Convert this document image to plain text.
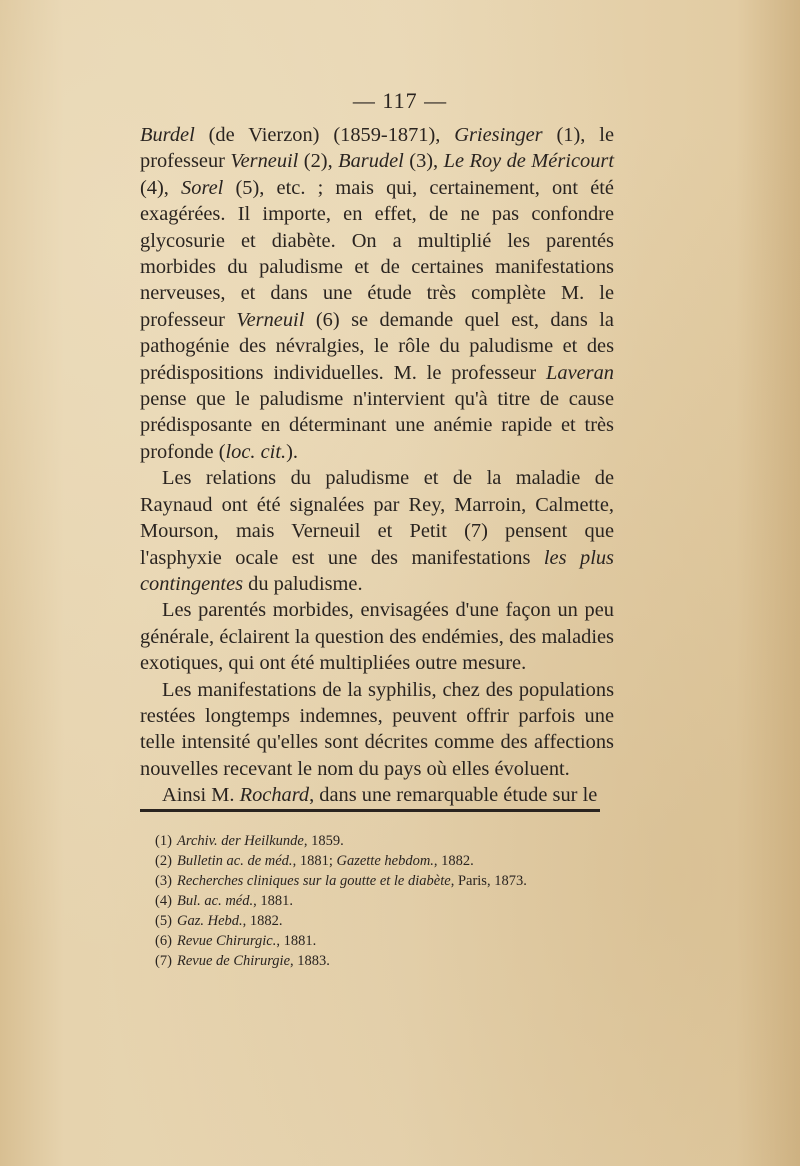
— 117 —

Burdel (de Vierzon) (1859-1871), Griesinger (1), le professeur Verneuil (2), Barudel (3), Le Roy de Méricourt (4), Sorel (5), etc. ; mais qui, certainement, ont été exagérées. Il importe, en effet, de ne pas confondre glycosurie et diabète. On a multiplié les parentés morbides du paludisme et de certaines manifestations nerveuses, et dans une étude très complète M. le professeur Verneuil (6) se demande quel est, dans la pathogénie des névralgies, le rôle du paludisme et des prédispositions individuelles. M. le professeur Laveran pense que le paludisme n'intervient qu'à titre de cause prédisposante en déterminant une anémie rapide et très profonde (loc. cit.).

Les relations du paludisme et de la maladie de Raynaud ont été signalées par Rey, Marroin, Calmette, Mourson, mais Verneuil et Petit (7) pensent que l'asphyxie ocale est une des manifestations les plus contingentes du paludisme.

Les parentés morbides, envisagées d'une façon un peu générale, éclairent la question des endémies, des maladies exotiques, qui ont été multipliées outre mesure.

Les manifestations de la syphilis, chez des populations restées longtemps indemnes, peuvent offrir parfois une telle intensité qu'elles sont décrites comme des affections nouvelles recevant le nom du pays où elles évoluent.

Ainsi M. Rochard, dans une remarquable étude sur le

(1) Archiv. der Heilkunde, 1859.
(2) Bulletin ac. de méd., 1881; Gazette hebdom., 1882.
(3) Recherches cliniques sur la goutte et le diabète, Paris, 1873.
(4) Bul. ac. méd., 1881.
(5) Gaz. Hebd., 1882.
(6) Revue Chirurgic., 1881.
(7) Revue de Chirurgie, 1883.
